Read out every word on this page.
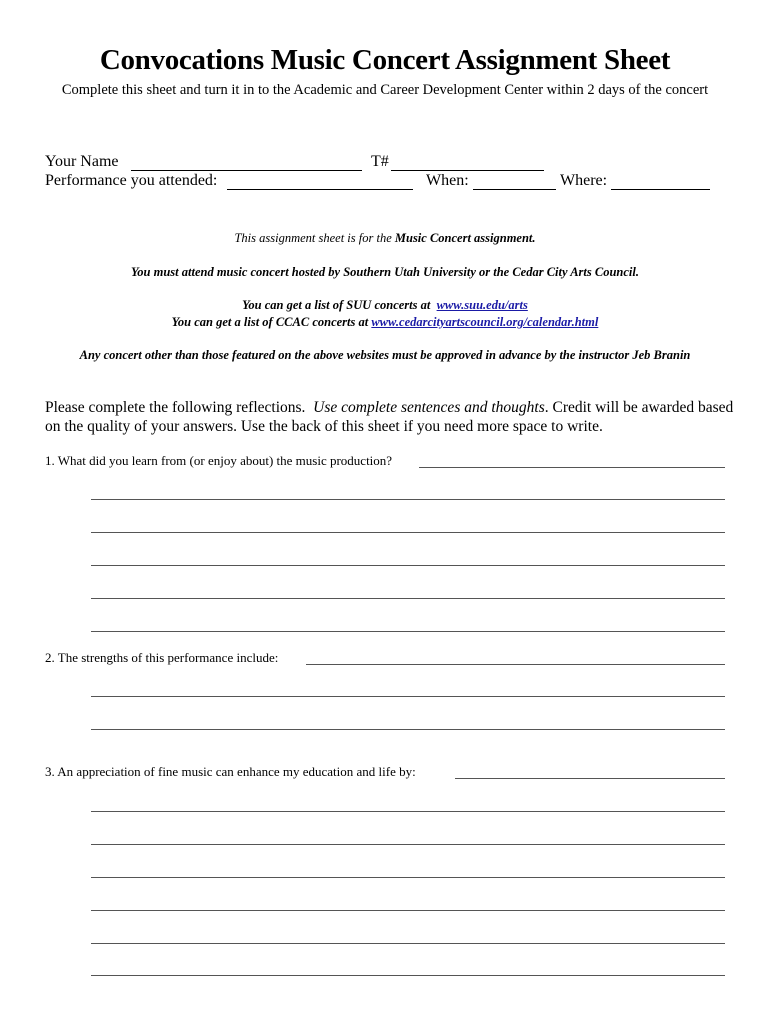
Convocations Music Concert Assignment Sheet
Complete this sheet and turn it in to the Academic and Career Development Center within 2 days of the concert
Your Name	T#
Performance you attended:	When:	Where:
This assignment sheet is for the Music Concert assignment.
You must attend music concert hosted by Southern Utah University or the Cedar City Arts Council.
You can get a list of SUU concerts at www.suu.edu/arts
You can get a list of CCAC concerts at www.cedarcityartscouncil.org/calendar.html
Any concert other than those featured on the above websites must be approved in advance by the instructor Jeb Branin
Please complete the following reflections. Use complete sentences and thoughts. Credit will be awarded based on the quality of your answers. Use the back of this sheet if you need more space to write.
1. What did you learn from (or enjoy about) the music production?
2. The strengths of this performance include:
3. An appreciation of fine music can enhance my education and life by:
